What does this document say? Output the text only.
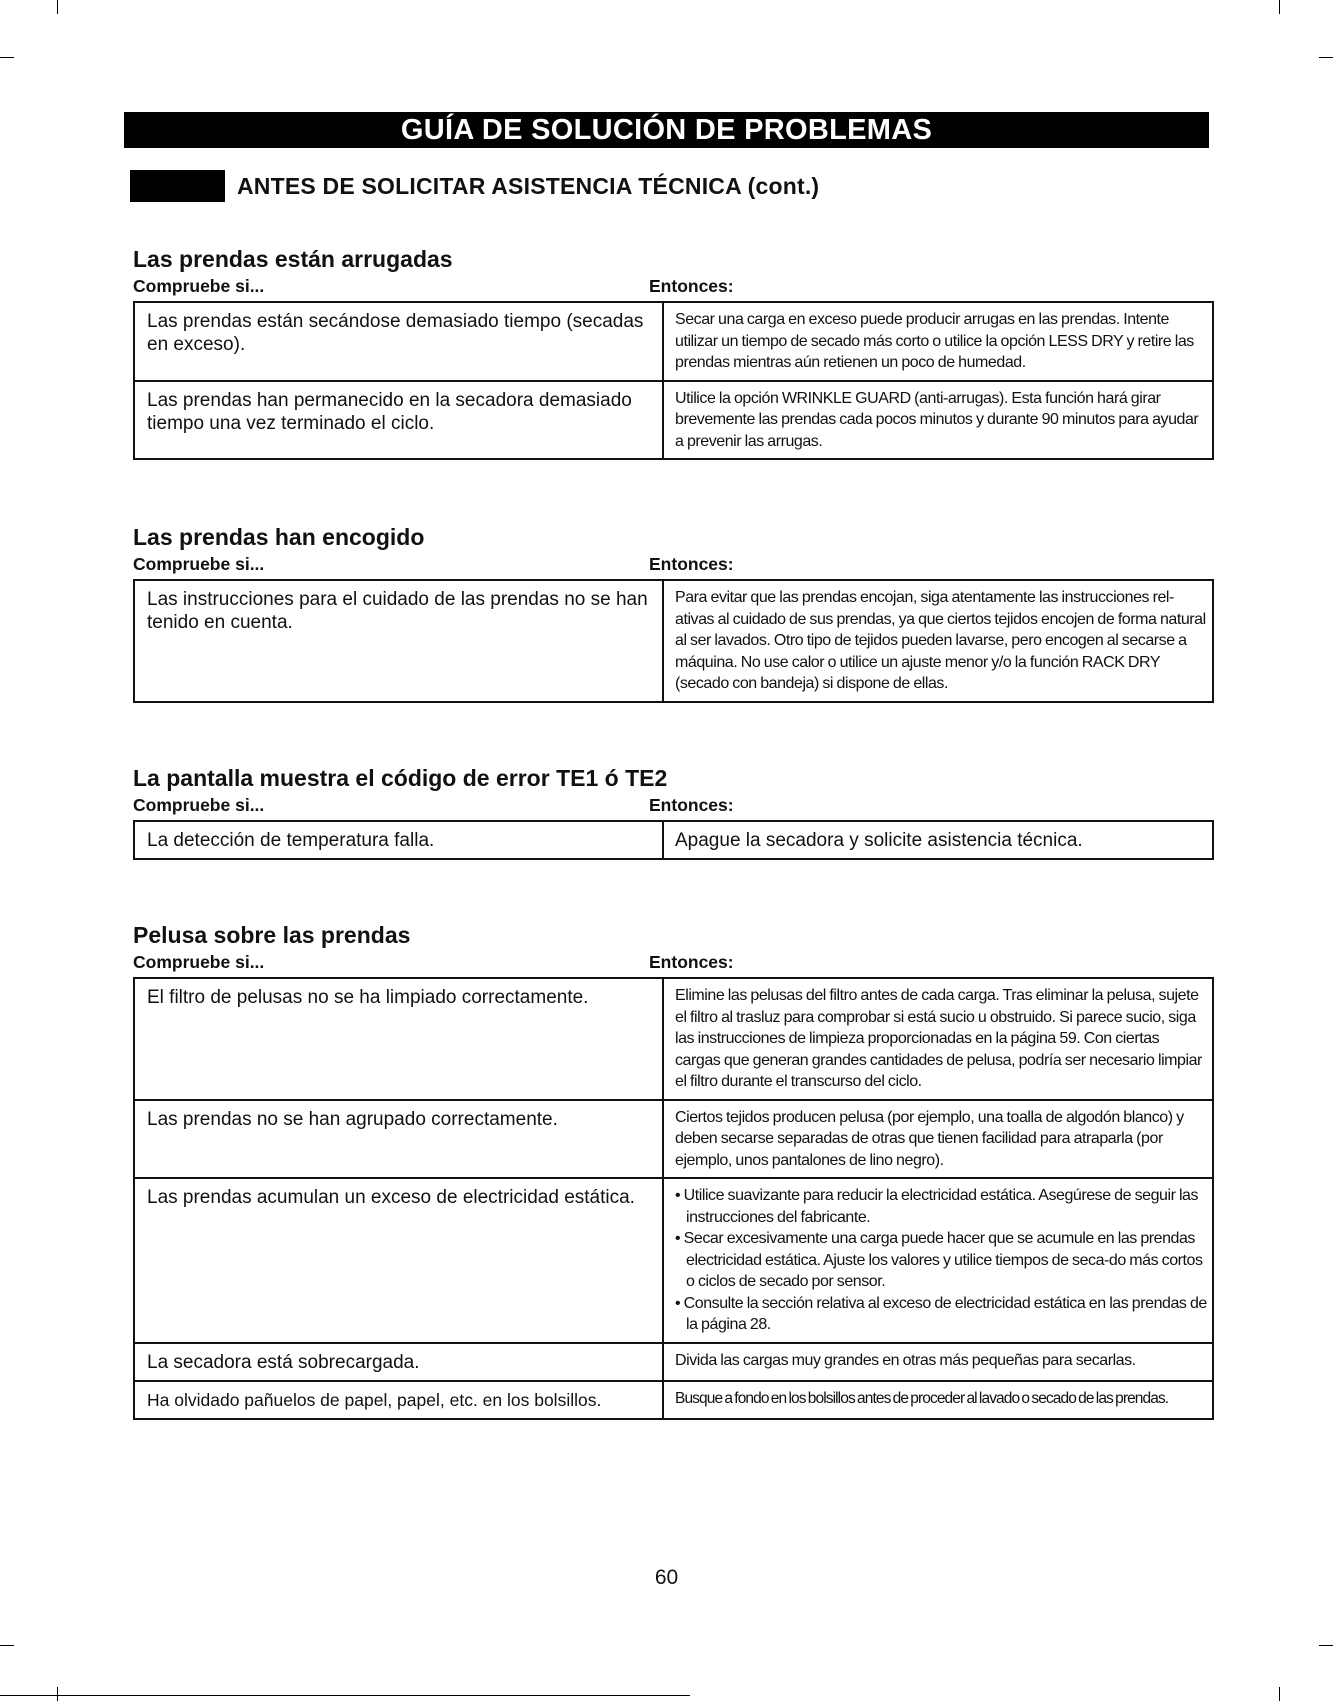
GUÍA DE SOLUCIÓN DE PROBLEMAS
ANTES DE SOLICITAR ASISTENCIA TÉCNICA (cont.)
Las prendas están arrugadas
Compruebe si...	Entonces:
Las prendas están secándose demasiado tiempo (secadas en exceso).	Secar una carga en exceso puede producir arrugas en las prendas. Intente utilizar un tiempo de secado más corto o utilice la opción LESS DRY y retire las prendas mientras aún retienen un poco de humedad.
Las prendas han permanecido en la secadora demasiado tiempo una vez terminado el ciclo.	Utilice la opción WRINKLE GUARD (anti-arrugas). Esta función hará girar brevemente las prendas cada pocos minutos y durante 90 minutos para ayudar a prevenir las arrugas.
Las prendas han encogido
Compruebe si...	Entonces:
Las instrucciones para el cuidado de las prendas no se han tenido en cuenta.	Para evitar que las prendas encojan, siga atentamente las instrucciones rel-ativas al cuidado de sus prendas, ya que ciertos tejidos encojen de forma natural al ser lavados. Otro tipo de tejidos pueden lavarse, pero encogen al secarse a máquina. No use calor o utilice un ajuste menor y/o la función RACK DRY (secado con bandeja) si dispone de ellas.
La pantalla muestra el código de error TE1 ó TE2
Compruebe si...	Entonces:
La detección de temperatura falla.	Apague la secadora y solicite asistencia técnica.
Pelusa sobre las prendas
Compruebe si...	Entonces:
El filtro de pelusas no se ha limpiado correctamente.	Elimine las pelusas del filtro antes de cada carga. Tras eliminar la pelusa, sujete el filtro al trasluz para comprobar si está sucio u obstruido. Si parece sucio, siga las instrucciones de limpieza proporcionadas en la página 59. Con ciertas cargas que generan grandes cantidades de pelusa, podría ser necesario limpiar el filtro durante el transcurso del ciclo.
Las prendas no se han agrupado correctamente.	Ciertos tejidos producen pelusa (por ejemplo, una toalla de algodón blanco) y deben secarse separadas de otras que tienen facilidad para atraparla (por ejemplo, unos pantalones de lino negro).
Las prendas acumulan un exceso de electricidad estática.	• Utilice suavizante para reducir la electricidad estática. Asegúrese de seguir las instrucciones del fabricante.
• Secar excesivamente una carga puede hacer que se acumule en las prendas electricidad estática. Ajuste los valores y utilice tiempos de seca-do más cortos o ciclos de secado por sensor.
• Consulte la sección relativa al exceso de electricidad estática en las prendas de la página 28.

La secadora está sobrecargada.	Divida las cargas muy grandes en otras más pequeñas para secarlas.
Ha olvidado pañuelos de papel, papel, etc. en los bolsillos.	Busque a fondo en los bolsillos antes de proceder al lavado o secado de las prendas.
60
